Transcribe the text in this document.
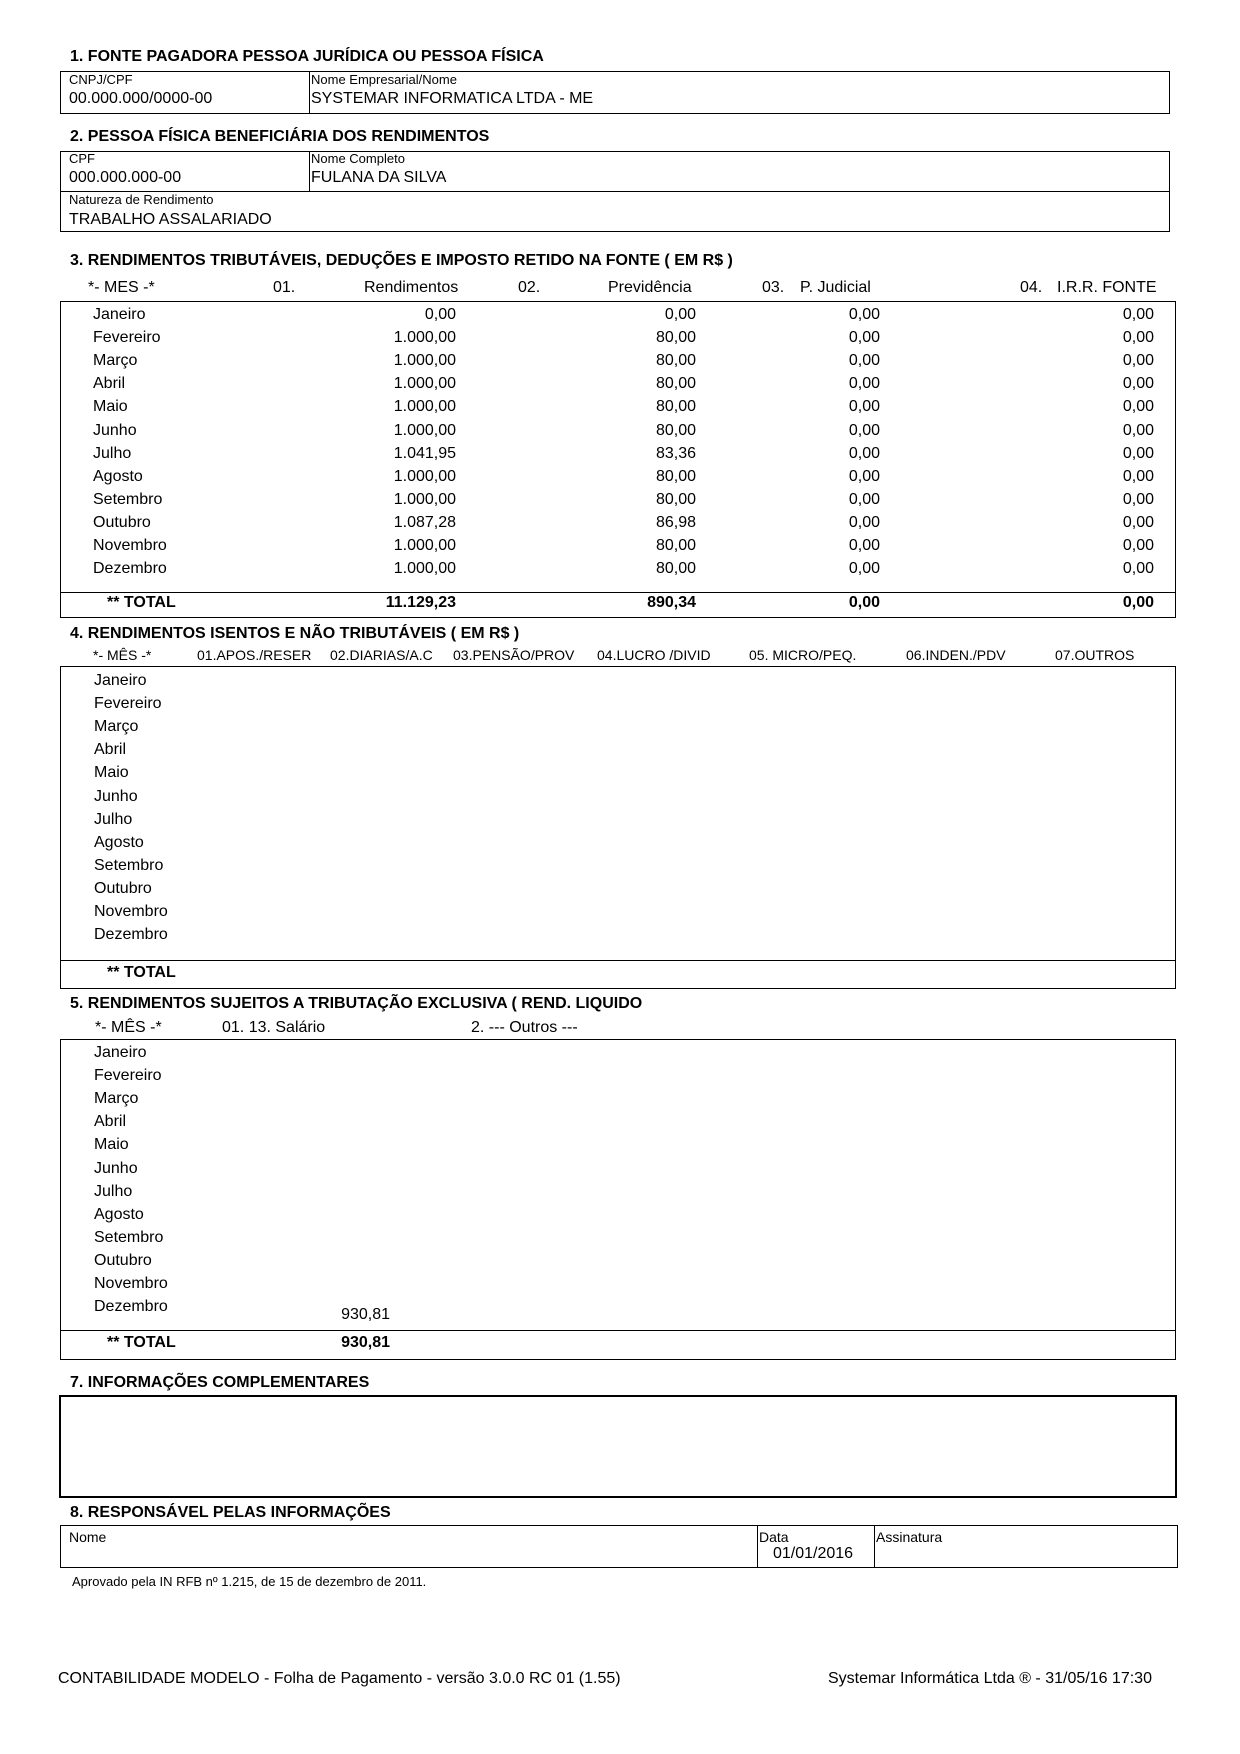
1. FONTE PAGADORA PESSOA JURÍDICA OU PESSOA FÍSICA
CNPJ/CPF
00.000.000/0000-00
Nome Empresarial/Nome
SYSTEMAR INFORMATICA LTDA - ME
2. PESSOA FÍSICA BENEFICIÁRIA DOS RENDIMENTOS
CPF
000.000.000-00
Nome Completo
FULANA DA SILVA
Natureza de Rendimento
TRABALHO ASSALARIADO
3. RENDIMENTOS TRIBUTÁVEIS, DEDUÇÕES E IMPOSTO RETIDO NA FONTE ( EM R$ )
*- MES -*	01.	Rendimentos	02.	Previdência	03. P. Judicial	04. I.R.R. FONTE
Janeiro	0,00	0,00	0,00	0,00
Fevereiro	1.000,00	80,00	0,00	0,00
Março	1.000,00	80,00	0,00	0,00
Abril	1.000,00	80,00	0,00	0,00
Maio	1.000,00	80,00	0,00	0,00
Junho	1.000,00	80,00	0,00	0,00
Julho	1.041,95	83,36	0,00	0,00
Agosto	1.000,00	80,00	0,00	0,00
Setembro	1.000,00	80,00	0,00	0,00
Outubro	1.087,28	86,98	0,00	0,00
Novembro	1.000,00	80,00	0,00	0,00
Dezembro	1.000,00	80,00	0,00	0,00
** TOTAL	11.129,23	890,34	0,00	0,00
4. RENDIMENTOS ISENTOS E NÃO TRIBUTÁVEIS ( EM R$ )
*- MÊS -*	01.APOS./RESER 02.DIARIAS/A.C 03.PENSÃO/PROV 04.LUCRO /DIVID	05. MICRO/PEQ.	06.INDEN./PDV	07.OUTROS
Janeiro
Fevereiro
Março
Abril
Maio
Junho
Julho
Agosto
Setembro
Outubro
Novembro
Dezembro
** TOTAL
5. RENDIMENTOS SUJEITOS A TRIBUTAÇÃO EXCLUSIVA ( REND. LIQUIDO
*- MÊS -*	01. 13. Salário	2. --- Outros ---
Janeiro
Fevereiro
Março
Abril
Maio
Junho
Julho
Agosto
Setembro
Outubro
Novembro
Dezembro	930,81
** TOTAL	930,81
7. INFORMAÇÕES COMPLEMENTARES
8. RESPONSÁVEL PELAS INFORMAÇÕES
Nome	Data
01/01/2016
Assinatura
Aprovado pela IN RFB nº 1.215, de 15 de dezembro de 2011.
CONTABILIDADE MODELO - Folha de Pagamento - versão 3.0.0 RC 01 (1.55)	Systemar Informática Ltda ® - 31/05/16 17:30
